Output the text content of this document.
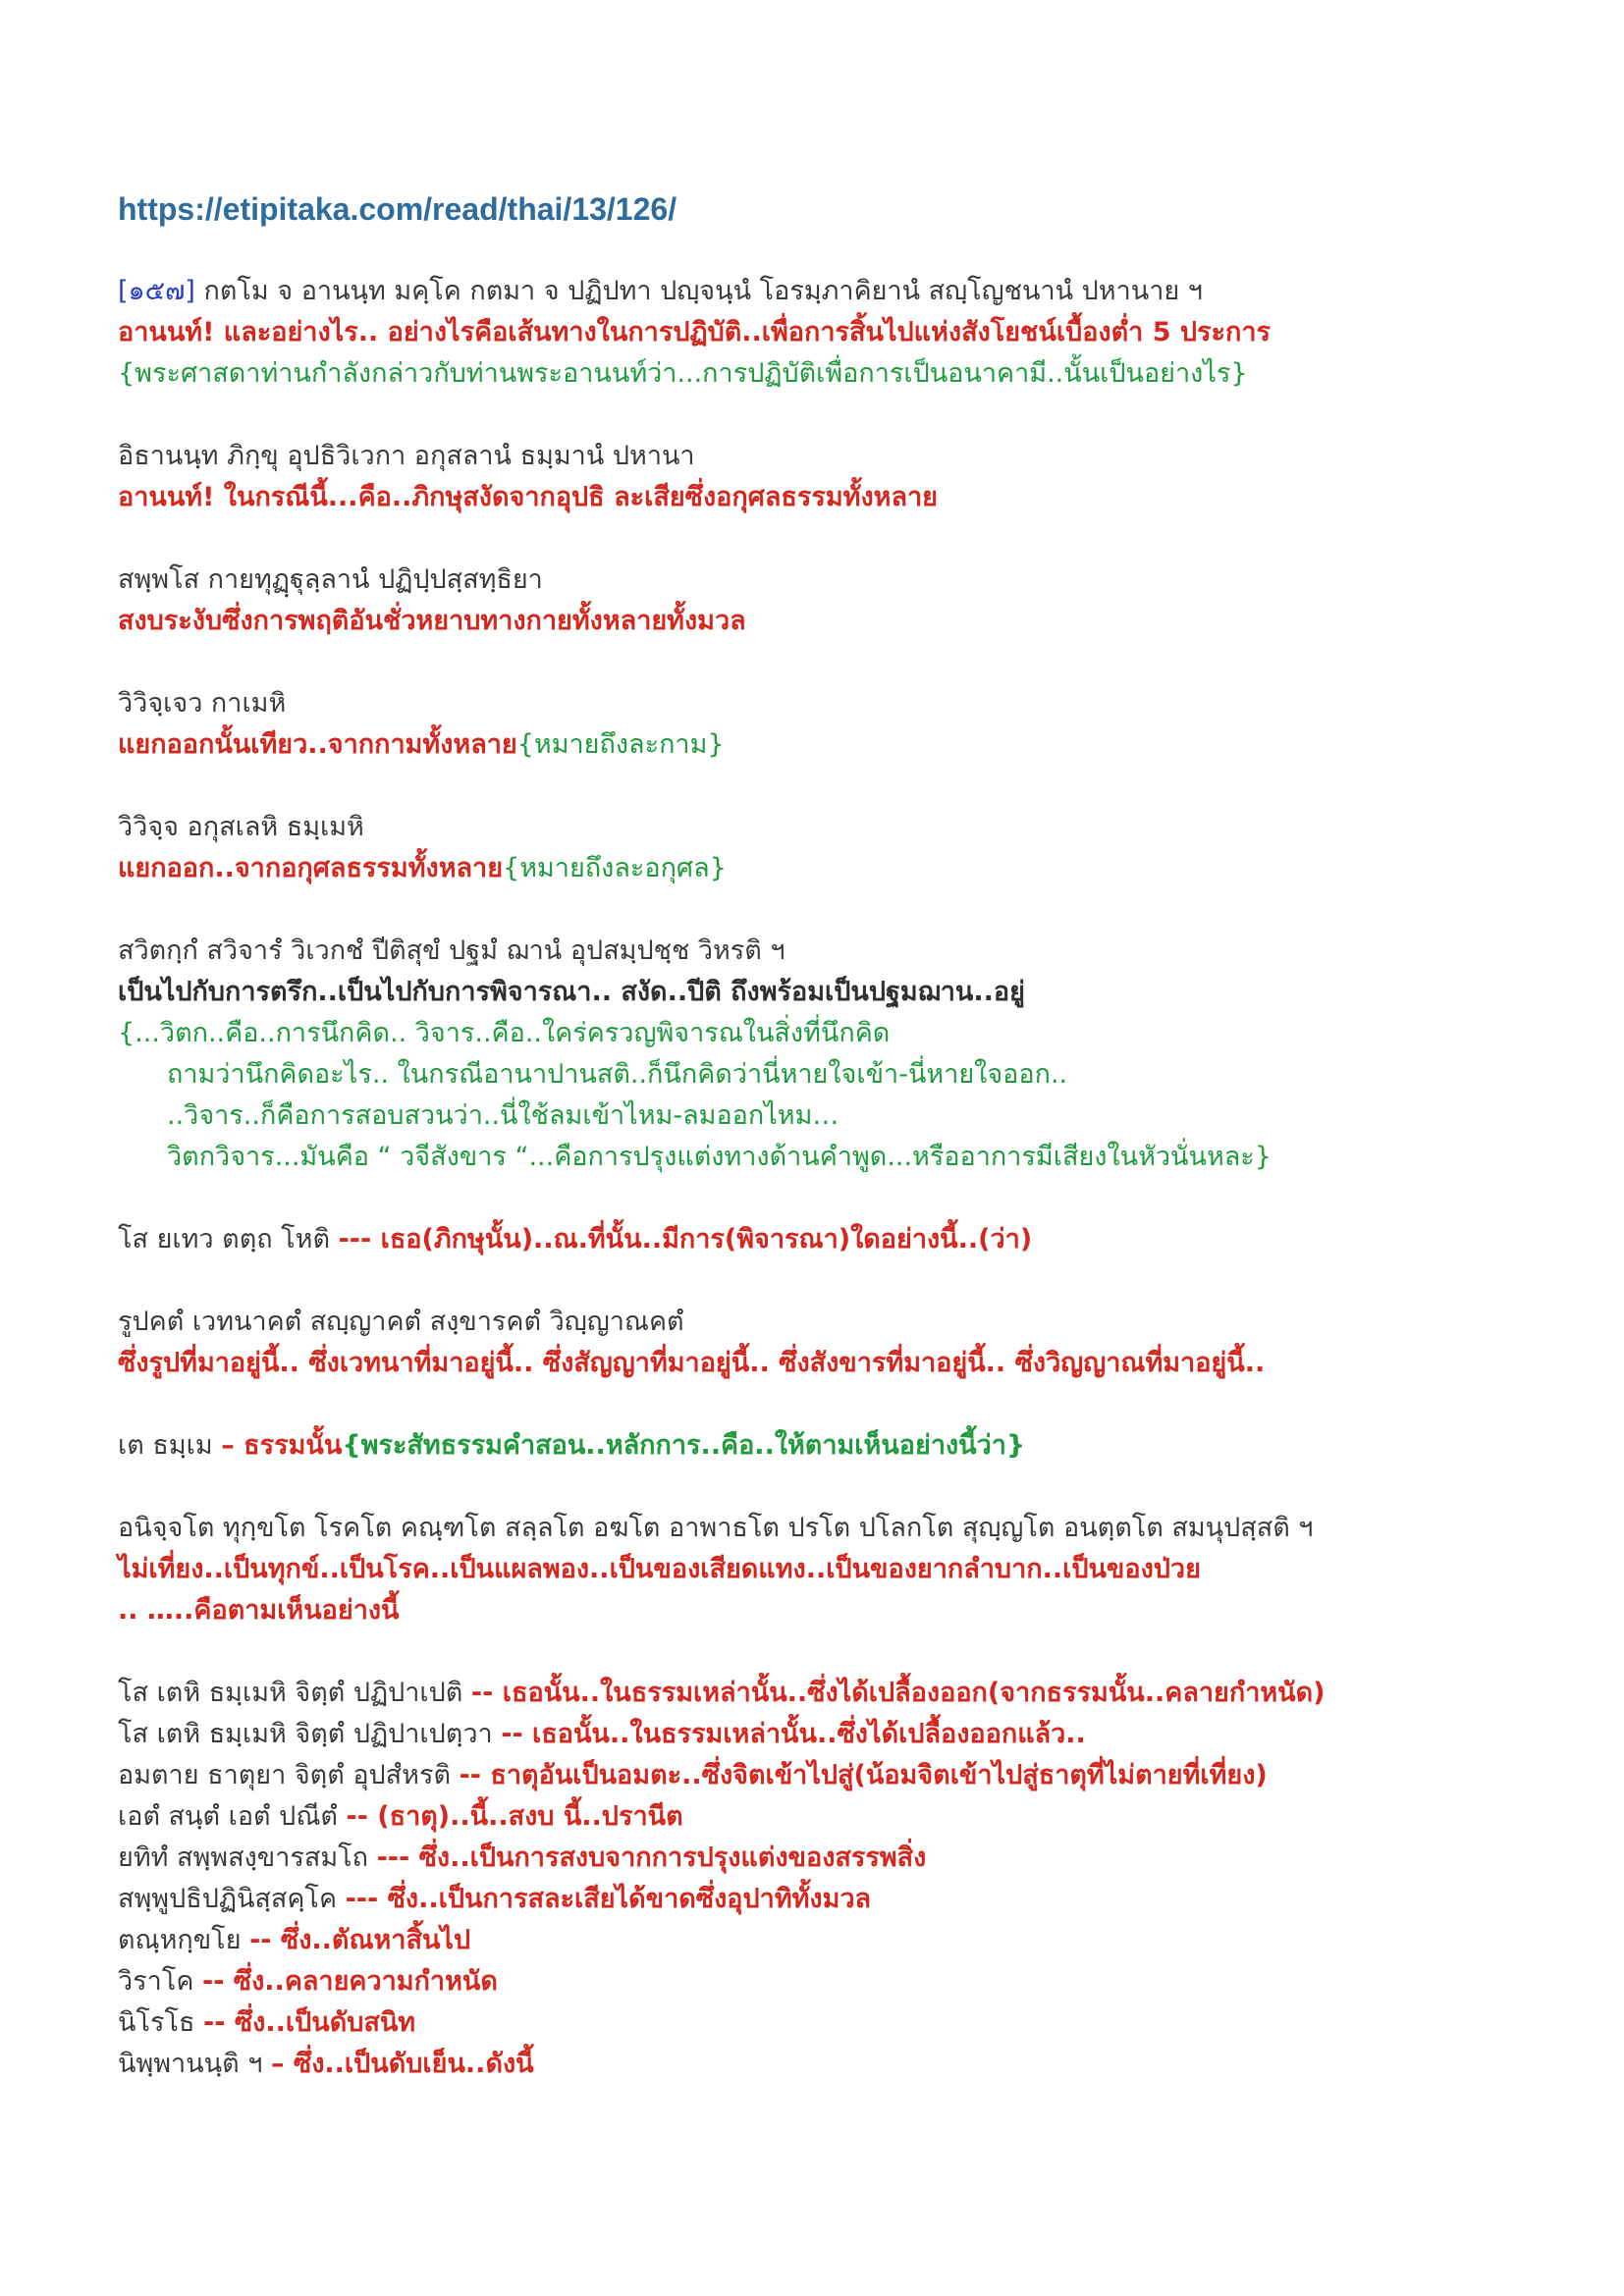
https://etipitaka.com/read/thai/13/126/
[๑๕๗] กตโม จ อานนฺท มคฺโค กตมา จ ปฏิปทา ปญฺจนฺนํ โอรมฺภาคิยานํ สญฺโญชนานํ ปหานาย ฯ
อานนท์! และอย่างไร.. อย่างไรคือเส้นทางในการปฏิบัติ..เพื่อการสิ้นไปแห่งสังโยชน์เบื้องต่ำ 5 ประการ
{พระศาสดาท่านกำลังกล่าวกับท่านพระอานนท์ว่า...การปฏิบัติเพื่อการเป็นอนาคามี..นั้นเป็นอย่างไร}
อิธานนฺท ภิกฺขุ อุปธิวิเวกา อกุสลานํ ธมฺมานํ ปหานา
อานนท์! ในกรณีนี้...คือ..ภิกษุสงัดจากอุปธิ ละเสียซึ่งอกุศลธรรมทั้งหลาย
สพฺพโส กายทุฏฺฐุลฺลานํ ปฏิปฺปสฺสทฺธิยา
สงบระงับซึ่งการพฤติอันชั่วหยาบทางกายทั้งหลายทั้งมวล
วิวิจฺเจว กาเมหิ
แยกออกนั้นเทียว..จากกามทั้งหลาย{หมายถึงละกาม}
วิวิจฺจ อกุสเลหิ ธมฺเมหิ
แยกออก..จากอกุศลธรรมทั้งหลาย{หมายถึงละอกุศล}
สวิตกฺกํ สวิจารํ วิเวกชํ ปีติสุขํ ปฐมํ ฌานํ อุปสมฺปชฺช วิหรติ ฯ
เป็นไปกับการตรึก..เป็นไปกับการพิจารณา.. สงัด..ปีติ ถึงพร้อมเป็นปฐมฌาน..อยู่
{...วิตก..คือ..การนึกคิด.. วิจาร..คือ..ใคร่ครวญพิจารณในสิ่งที่นึกคิด
ถามว่านึกคิดอะไร.. ในกรณีอานาปานสติ..ก็นึกคิดว่านี่หายใจเข้า-นี่หายใจออก..
..วิจาร..ก็คือการสอบสวนว่า..นี่ใช้ลมเข้าไหม-ลมออกไหม…
วิตกวิจาร...มันคือ “ วจีสังขาร “...คือการปรุงแต่งทางด้านคำพูด...หรืออาการมีเสียงในหัวนั่นหละ}
โส ยเทว ตตฺถ โหติ --- เธอ(ภิกษุนั้น)..ณ.ที่นั้น..มีการ(พิจารณา)ใดอย่างนี้..(ว่า)
รูปคตํ เวทนาคตํ สญฺญาคตํ สงฺขารคตํ วิญฺญาณคตํ
ซึ่งรูปที่มาอยู่นี้.. ซึ่งเวทนาที่มาอยู่นี้.. ซึ่งสัญญาที่มาอยู่นี้.. ซึ่งสังขารที่มาอยู่นี้.. ซึ่งวิญญาณที่มาอยู่นี้..
เต ธมฺเม – ธรรมนั้น{พระสัทธรรมคำสอน..หลักการ..คือ..ให้ตามเห็นอย่างนี้ว่า}
อนิจฺจโต ทุกฺขโต โรคโต คณฺฑโต สลฺลโต อฆโต อาพาธโต ปรโต ปโลกโต สุญฺญโต อนตฺตโต สมนุปสฺสติ ฯ
ไม่เที่ยง..เป็นทุกข์..เป็นโรค..เป็นแผลพอง..เป็นของเสียดแทง..เป็นของยากลำบาก..เป็นของป่วย
.. …..คือตามเห็นอย่างนี้
โส เตหิ ธมฺเมหิ จิตฺตํ ปฏิปาเปติ -- เธอนั้น..ในธรรมเหล่านั้น..ซึ่งได้เปลื้องออก(จากธรรมนั้น..คลายกำหนัด)
โส เตหิ ธมฺเมหิ จิตฺตํ ปฏิปาเปตฺวา -- เธอนั้น..ในธรรมเหล่านั้น..ซึ่งได้เปลื้องออกแล้ว..
อมตาย ธาตุยา จิตฺตํ อุปสํหรติ -- ธาตุอันเป็นอมตะ..ซึ่งจิตเข้าไปสู่(น้อมจิตเข้าไปสู่ธาตุที่ไม่ตายที่เที่ยง)
เอตํ สนฺตํ เอตํ ปณีตํ -- (ธาตุ)..นี้..สงบ นี้..ปรานีต
ยทิทํ สพฺพสงฺขารสมโถ --- ซึ่ง..เป็นการสงบจากการปรุงแต่งของสรรพสิ่ง
สพฺพูปธิปฏินิสฺสคฺโค --- ซึ่ง..เป็นการสละเสียได้ขาดซึ่งอุปาทิทั้งมวล
ตณฺหกฺขโย -- ซึ่ง..ตัณหาสิ้นไป
วิราโค -- ซึ่ง..คลายความกำหนัด
นิโรโธ -- ซึ่ง..เป็นดับสนิท
นิพฺพานนฺติ ฯ – ซึ่ง..เป็นดับเย็น..ดังนี้
